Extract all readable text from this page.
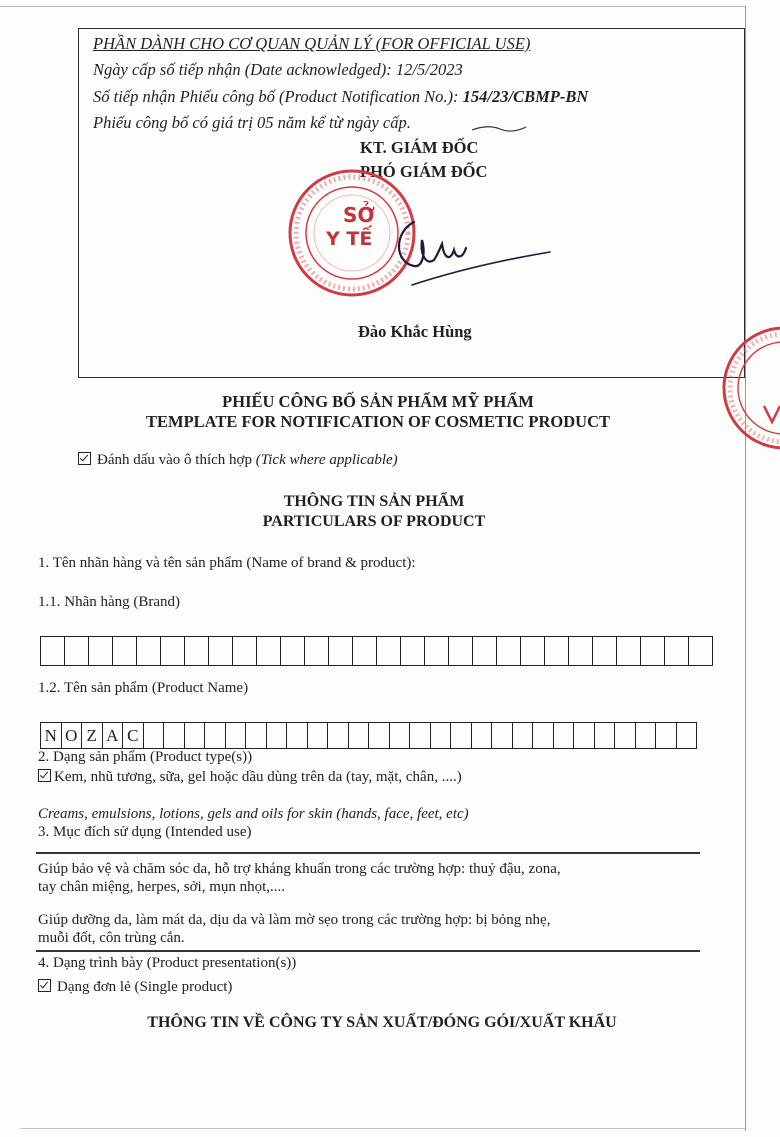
PHẦN DÀNH CHO CƠ QUAN QUẢN LÝ (FOR OFFICIAL USE)
Ngày cấp số tiếp nhận (Date acknowledged): 12/5/2023
Số tiếp nhận Phiếu công bố (Product Notification No.): 154/23/CBMP-BN
Phiếu công bố có giá trị 05 năm kể từ ngày cấp.
KT. GIÁM ĐỐC
PHÓ GIÁM ĐỐC
SỞ
Y TẾ
Đào Khắc Hùng
PHIẾU CÔNG BỐ SẢN PHẨM MỸ PHẨM
TEMPLATE FOR NOTIFICATION OF COSMETIC PRODUCT
Đánh dấu vào ô thích hợp (Tick where applicable)
THÔNG TIN SẢN PHẨM
PARTICULARS OF PRODUCT
1. Tên nhãn hàng và tên sản phẩm (Name of brand & product):
1.1. Nhãn hàng (Brand)
1.2. Tên sản phẩm (Product Name)
N O Z A C
2. Dạng sản phẩm (Product type(s))
Kem, nhũ tương, sữa, gel hoặc dầu dùng trên da (tay, mặt, chân, ....)
Creams, emulsions, lotions, gels and oils for skin (hands, face, feet, etc)
3. Mục đích sử dụng (Intended use)
Giúp bảo vệ và chăm sóc da, hỗ trợ kháng khuẩn trong các trường hợp: thuỷ đậu, zona,
tay chân miệng, herpes, sởi, mụn nhọt,....
Giúp dưỡng da, làm mát da, dịu da và làm mờ sẹo trong các trường hợp: bị bỏng nhẹ,
muỗi đốt, côn trùng cắn.
4. Dạng trình bày (Product presentation(s))
Dạng đơn lẻ (Single product)
THÔNG TIN VỀ CÔNG TY SẢN XUẤT/ĐÓNG GÓI/XUẤT KHẨU
